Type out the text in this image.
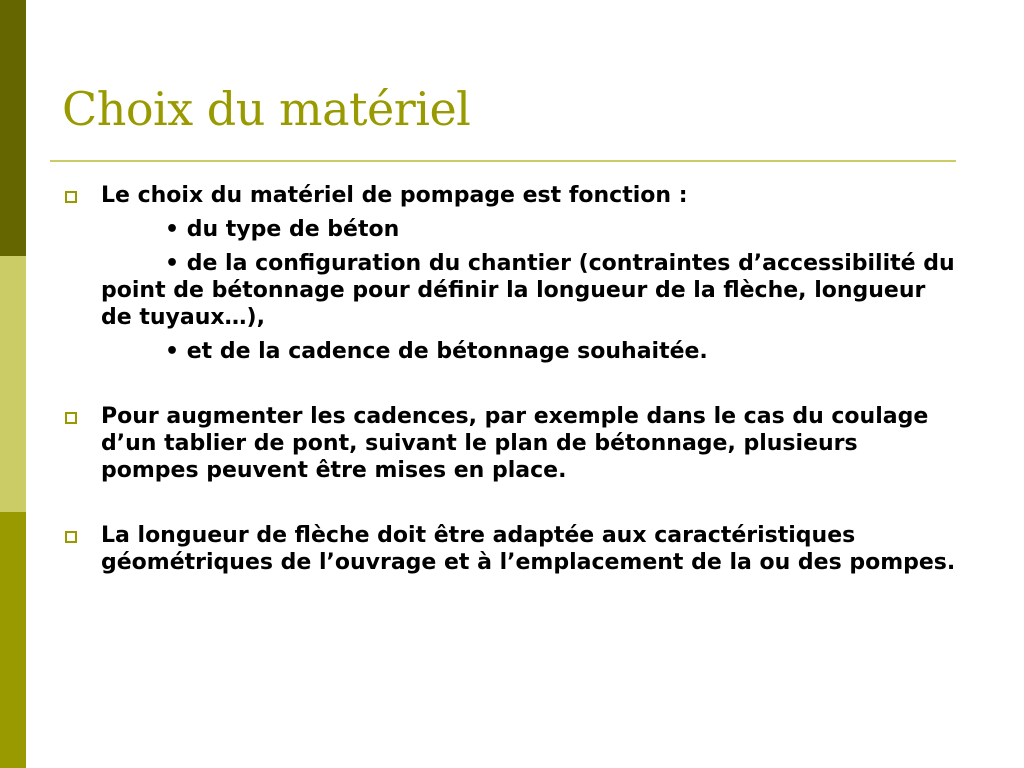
Choix du matériel
Le choix du matériel de pompage est fonction :
• du type de béton
• de la configuration du chantier (contraintes d’accessibilité du point de bétonnage pour définir la longueur de la flèche, longueur de tuyaux…),
• et de la cadence de bétonnage souhaitée.
Pour augmenter les cadences, par exemple dans le cas du coulage d’un tablier de pont, suivant le plan de bétonnage, plusieurs pompes peuvent être mises en place.
La longueur de flèche doit être adaptée aux caractéristiques géométriques de l’ouvrage et à l’emplacement de la ou des pompes.
